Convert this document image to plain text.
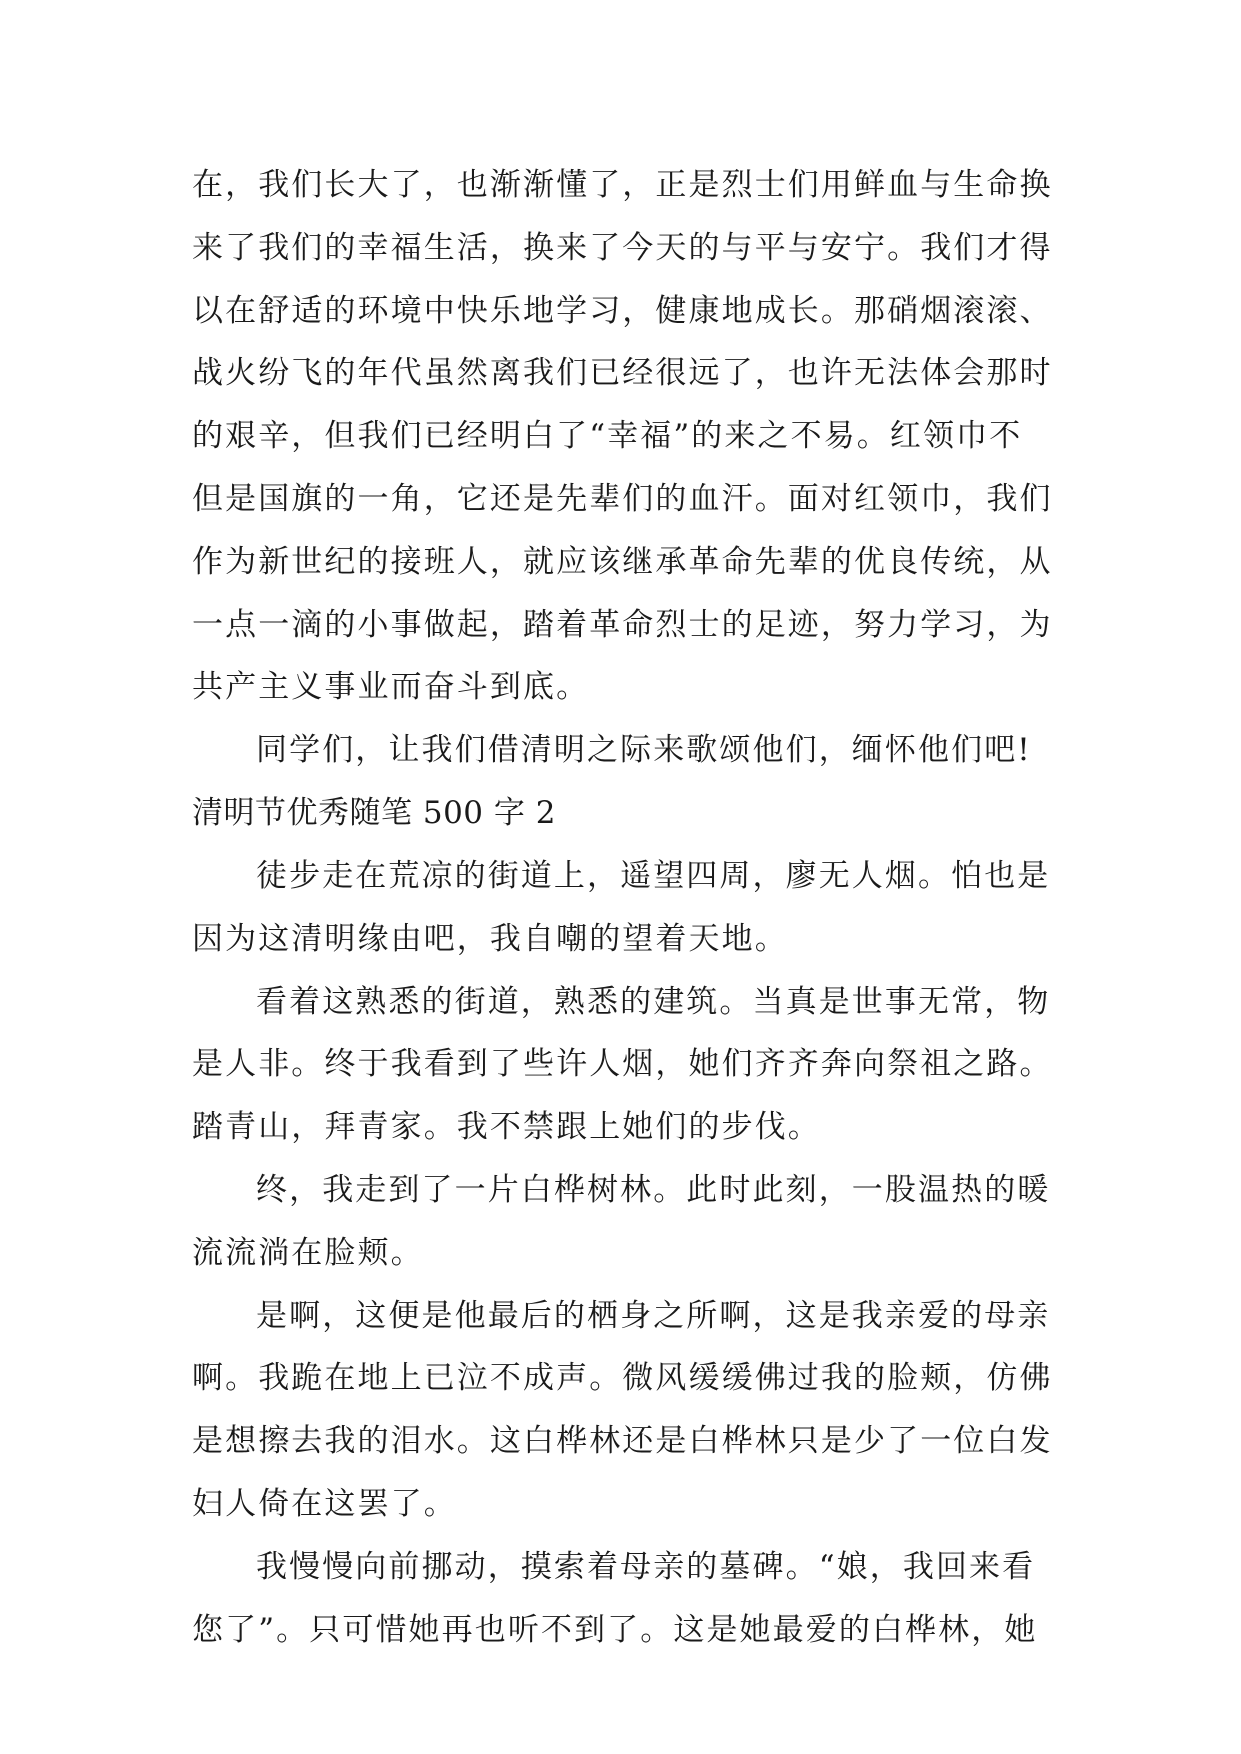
在，我们长大了，也渐渐懂了，正是烈士们用鲜血与生命换
来了我们的幸福生活，换来了今天的与平与安宁。我们才得
以在舒适的环境中快乐地学习，健康地成长。那硝烟滚滚、
战火纷飞的年代虽然离我们已经很远了，也许无法体会那时
的艰辛，但我们已经明白了“幸福”的来之不易。红领巾不
但是国旗的一角，它还是先辈们的血汗。面对红领巾，我们
作为新世纪的接班人，就应该继承革命先辈的优良传统，从
一点一滴的小事做起，踏着革命烈士的足迹，努力学习，为
共产主义事业而奋斗到底。
同学们，让我们借清明之际来歌颂他们，缅怀他们吧!
清明节优秀随笔 500 字 2
徒步走在荒凉的街道上，遥望四周，廖无人烟。怕也是
因为这清明缘由吧，我自嘲的望着天地。
看着这熟悉的街道，熟悉的建筑。当真是世事无常，物
是人非。终于我看到了些许人烟，她们齐齐奔向祭祖之路。
踏青山，拜青家。我不禁跟上她们的步伐。
终，我走到了一片白桦树林。此时此刻，一股温热的暖
流流淌在脸颊。
是啊，这便是他最后的栖身之所啊，这是我亲爱的母亲
啊。我跪在地上已泣不成声。微风缓缓佛过我的脸颊，仿佛
是想擦去我的泪水。这白桦林还是白桦林只是少了一位白发
妇人倚在这罢了。
我慢慢向前挪动，摸索着母亲的墓碑。“娘，我回来看
您了”。只可惜她再也听不到了。这是她最爱的白桦林，她
